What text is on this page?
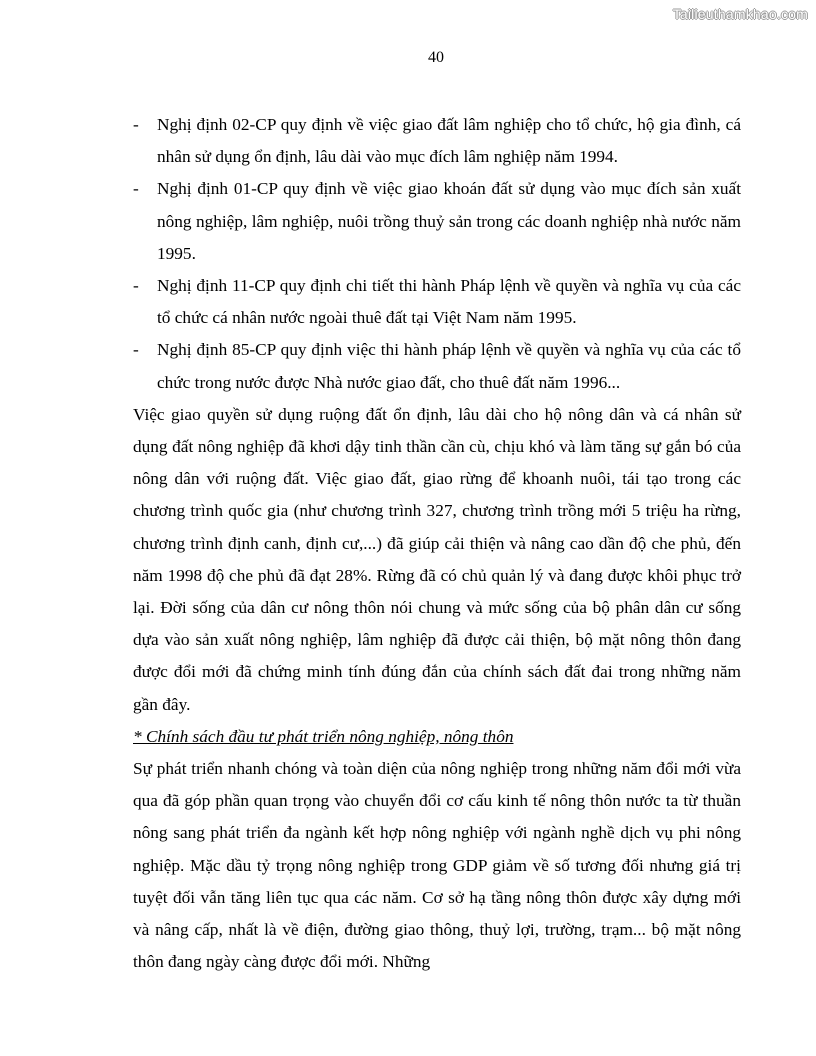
Tailieuthamkhao.com
40
- Nghị định 02-CP quy định về việc giao đất lâm nghiệp cho tổ chức, hộ gia đình, cá nhân sử dụng ổn định, lâu dài vào mục đích lâm nghiệp năm 1994.
- Nghị định 01-CP quy định về việc giao khoán đất sử dụng vào mục đích sản xuất nông nghiệp, lâm nghiệp, nuôi trồng thuỷ sản trong các doanh nghiệp nhà nước năm 1995.
- Nghị định 11-CP quy định chi tiết thi hành Pháp lệnh về quyền và nghĩa vụ của các tổ chức cá nhân nước ngoài thuê đất tại Việt Nam năm 1995.
- Nghị định 85-CP quy định việc thi hành pháp lệnh về quyền và nghĩa vụ của các tổ chức trong nước được Nhà nước giao đất, cho thuê đất năm 1996...
Việc giao quyền sử dụng ruộng đất ổn định, lâu dài cho hộ nông dân và cá nhân sử dụng đất nông nghiệp đã khơi dậy tinh thần cần cù, chịu khó và làm tăng sự gắn bó của nông dân với ruộng đất. Việc giao đất, giao rừng để khoanh nuôi, tái tạo trong các chương trình quốc gia (như chương trình 327, chương trình trồng mới 5 triệu ha rừng, chương trình định canh, định cư,...) đã giúp cải thiện và nâng cao dần độ che phủ, đến năm 1998 độ che phủ đã đạt 28%. Rừng đã có chủ quản lý và đang được khôi phục trở lại. Đời sống của dân cư nông thôn nói chung và mức sống của bộ phân dân cư sống dựa vào sản xuất nông nghiệp, lâm nghiệp đã được cải thiện, bộ mặt nông thôn đang được đổi mới đã chứng minh tính đúng đắn của chính sách đất đai trong những năm gần đây.
* Chính sách đầu tư phát triển nông nghiệp, nông thôn
Sự phát triển nhanh chóng và toàn diện của nông nghiệp trong những năm đổi mới vừa qua đã góp phần quan trọng vào chuyển đổi cơ cấu kinh tế nông thôn nước ta từ thuần nông sang phát triển đa ngành kết hợp nông nghiệp với ngành nghề dịch vụ phi nông nghiệp. Mặc dầu tỷ trọng nông nghiệp trong GDP giảm về số tương đối nhưng giá trị tuyệt đối vẫn tăng liên tục qua các năm. Cơ sở hạ tầng nông thôn được xây dựng mới và nâng cấp, nhất là về điện, đường giao thông, thuỷ lợi, trường, trạm... bộ mặt nông thôn đang ngày càng được đổi mới. Những
